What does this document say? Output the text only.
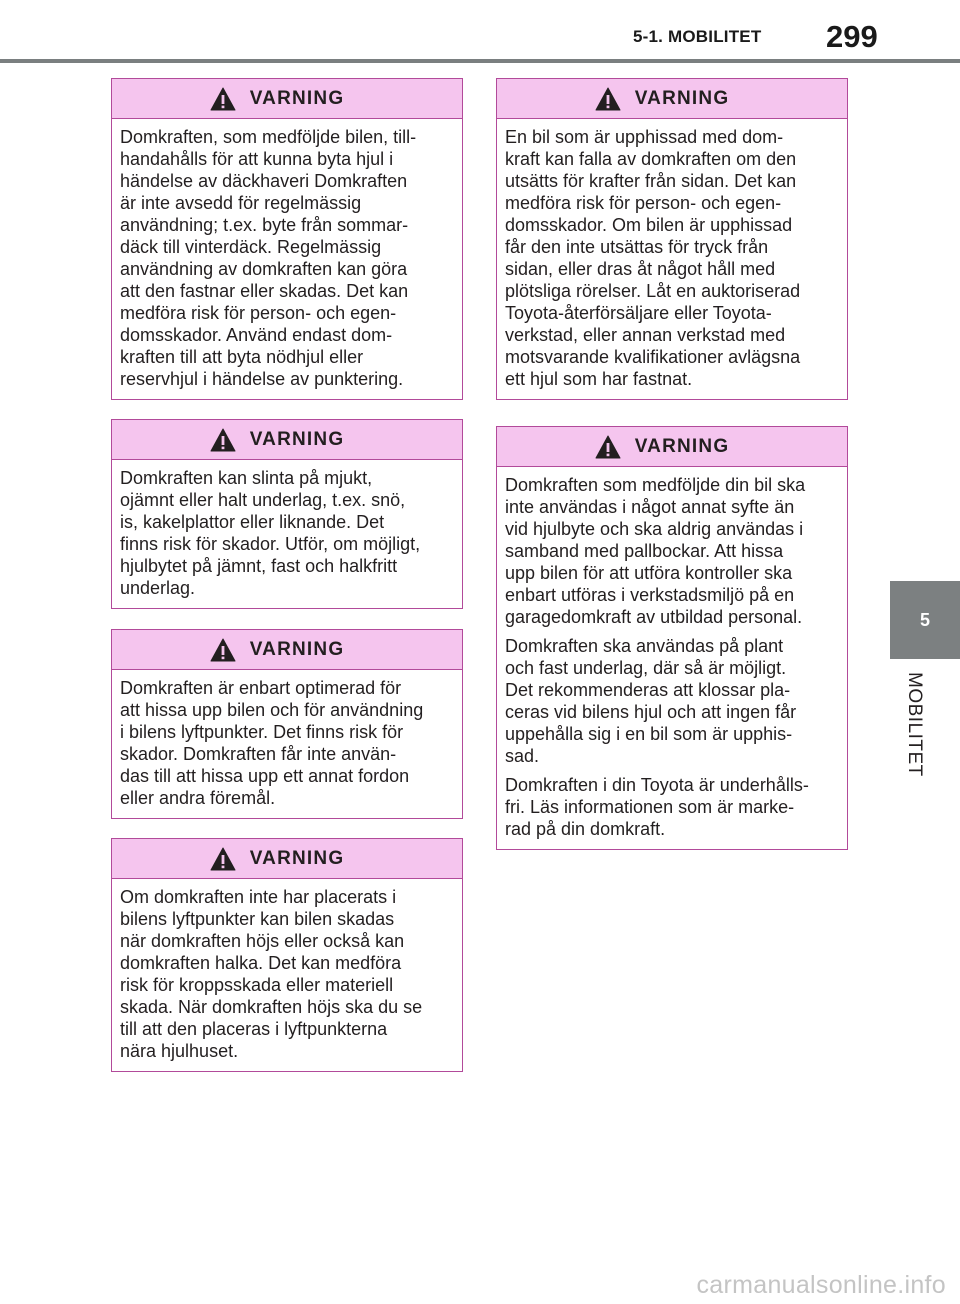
5-1. MOBILITET 299
5
MOBILITET
VARNING

Domkraften, som medföljde bilen, till-
handahålls för att kunna byta hjul i
händelse av däckhaveri Domkraften
är inte avsedd för regelmässig
användning; t.ex. byte från sommar-
däck till vinterdäck. Regelmässig
användning av domkraften kan göra
att den fastnar eller skadas. Det kan
medföra risk för person- och egen-
domsskador. Använd endast dom-
kraften till att byta nödhjul eller
reservhjul i händelse av punktering.

VARNING

Domkraften kan slinta på mjukt,
ojämnt eller halt underlag, t.ex. snö,
is, kakelplattor eller liknande. Det
finns risk för skador. Utför, om möjligt,
hjulbytet på jämnt, fast och halkfritt
underlag.

VARNING

Domkraften är enbart optimerad för
att hissa upp bilen och för användning
i bilens lyftpunkter. Det finns risk för
skador. Domkraften får inte använ-
das till att hissa upp ett annat fordon
eller andra föremål.

VARNING

Om domkraften inte har placerats i
bilens lyftpunkter kan bilen skadas
när domkraften höjs eller också kan
domkraften halka. Det kan medföra
risk för kroppsskada eller materiell
skada. När domkraften höjs ska du se
till att den placeras i lyftpunkterna
nära hjulhuset.

VARNING

En bil som är upphissad med dom-
kraft kan falla av domkraften om den
utsätts för krafter från sidan. Det kan
medföra risk för person- och egen-
domsskador. Om bilen är upphissad
får den inte utsättas för tryck från
sidan, eller dras åt något håll med
plötsliga rörelser. Låt en auktoriserad
Toyota-återförsäljare eller Toyota-
verkstad, eller annan verkstad med
motsvarande kvalifikationer avlägsna
ett hjul som har fastnat.

VARNING

Domkraften som medföljde din bil ska
inte användas i något annat syfte än
vid hjulbyte och ska aldrig användas i
samband med pallbockar. Att hissa
upp bilen för att utföra kontroller ska
enbart utföras i verkstadsmiljö på en
garagedomkraft av utbildad personal.

Domkraften ska användas på plant
och fast underlag, där så är möjligt.
Det rekommenderas att klossar pla-
ceras vid bilens hjul och att ingen får
uppehålla sig i en bil som är upphis-
sad.

Domkraften i din Toyota är underhålls-
fri. Läs informationen som är marke-
rad på din domkraft.

carmanualsonline.info
